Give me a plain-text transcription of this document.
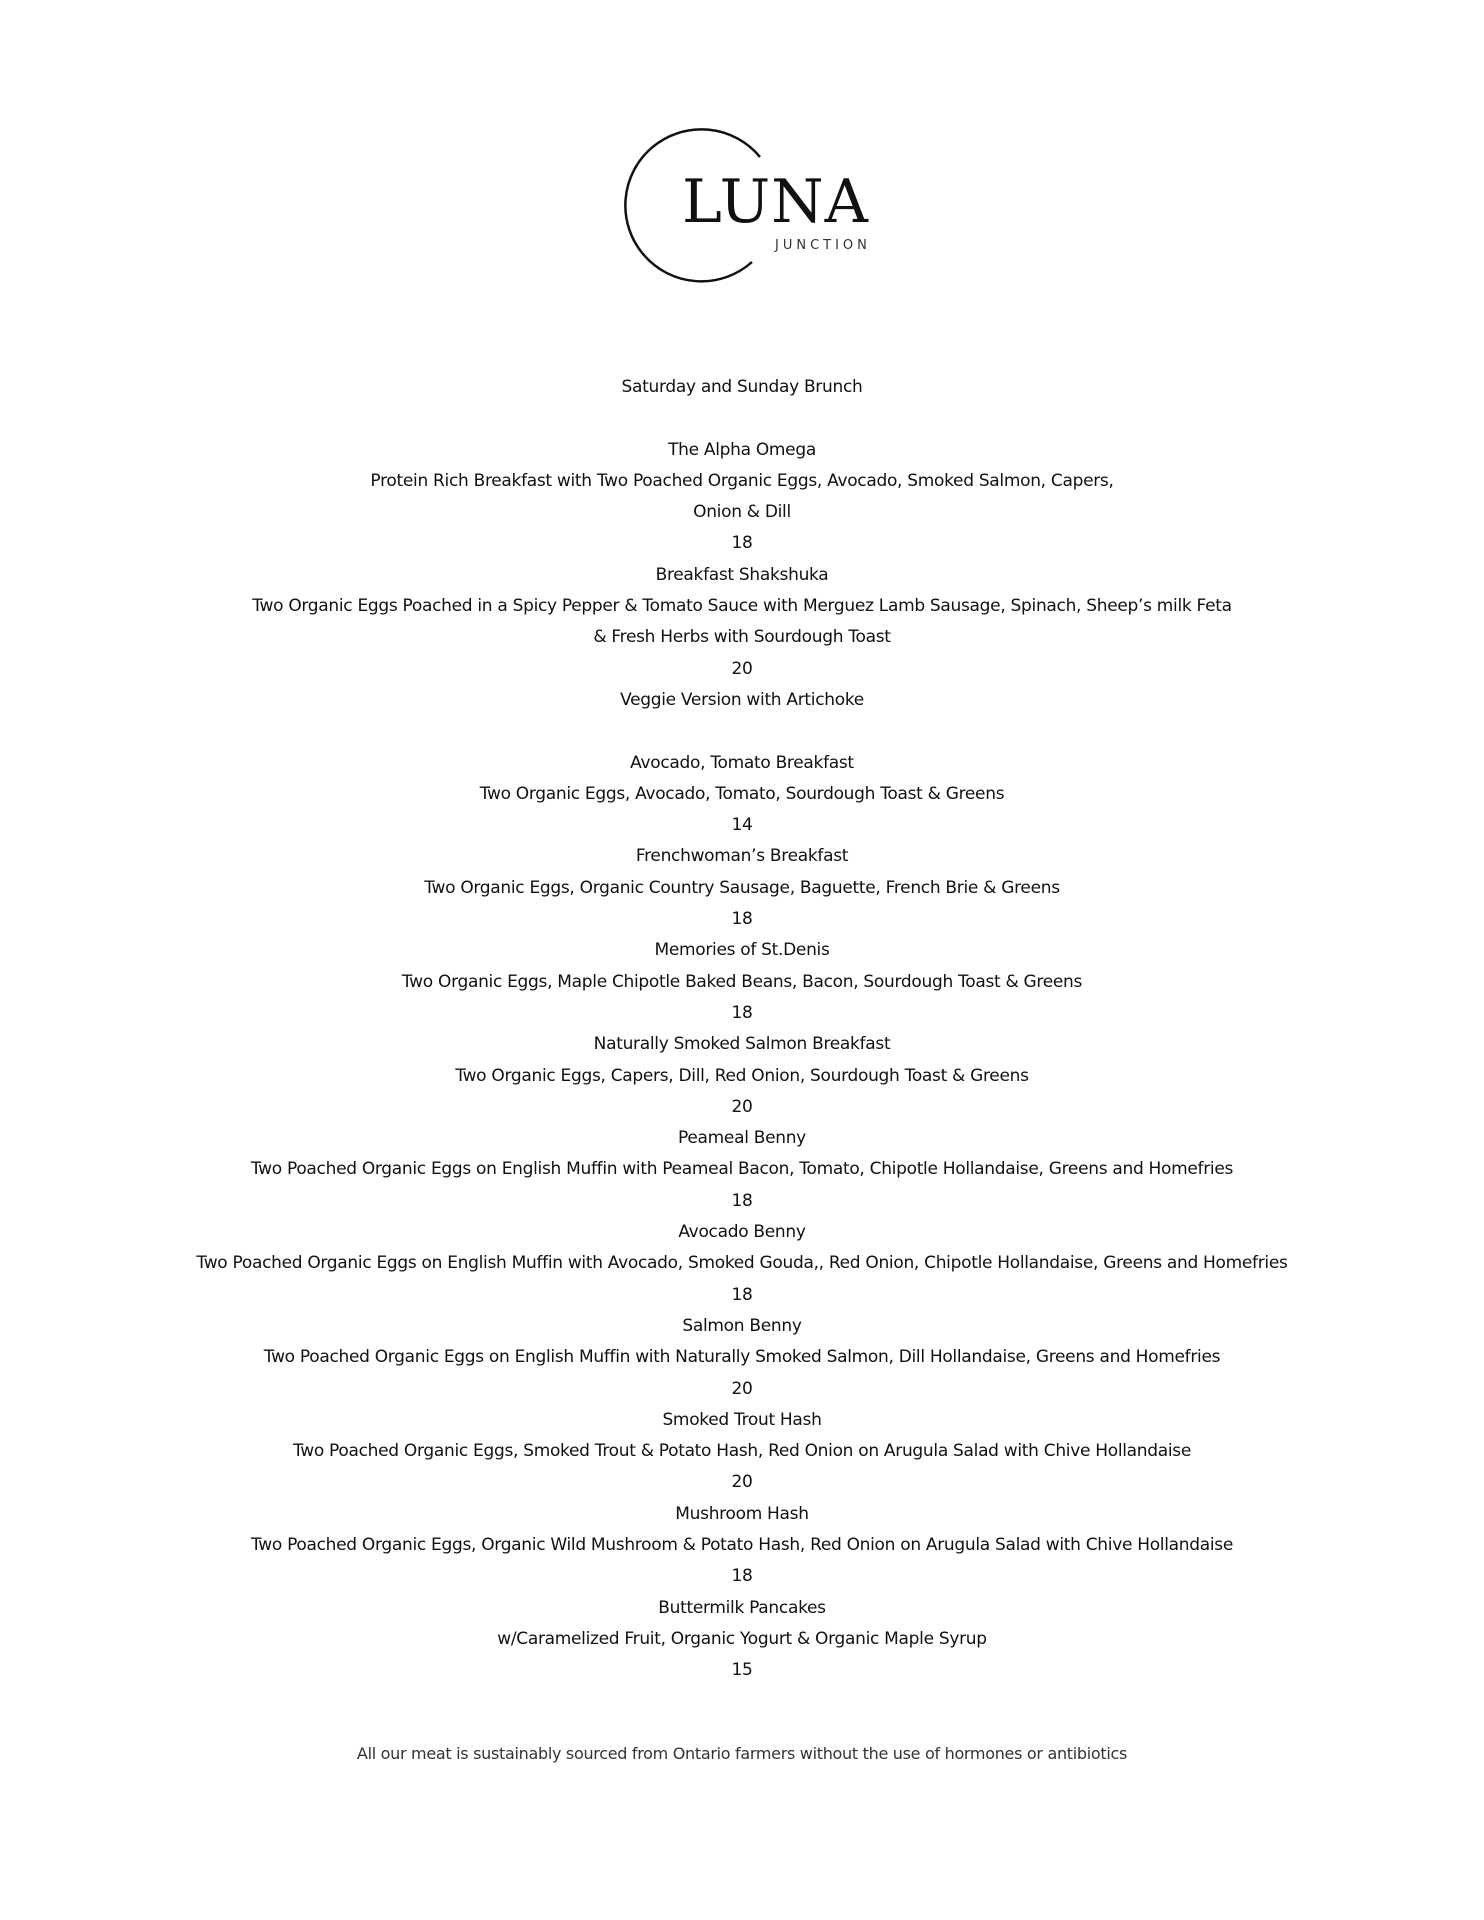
LUNA
JUNCTION
Saturday and Sunday Brunch
The Alpha Omega
Protein Rich Breakfast with Two Poached Organic Eggs, Avocado, Smoked Salmon, Capers,
Onion & Dill
18
Breakfast Shakshuka
Two Organic Eggs Poached in a Spicy Pepper & Tomato Sauce with Merguez Lamb Sausage, Spinach, Sheep’s milk Feta
& Fresh Herbs with Sourdough Toast
20
Veggie Version with Artichoke
Avocado, Tomato Breakfast
Two Organic Eggs, Avocado, Tomato, Sourdough Toast & Greens
14
Frenchwoman’s Breakfast
Two Organic Eggs, Organic Country Sausage, Baguette, French Brie & Greens
18
Memories of St.Denis
Two Organic Eggs, Maple Chipotle Baked Beans, Bacon, Sourdough Toast & Greens
18
Naturally Smoked Salmon Breakfast
Two Organic Eggs, Capers, Dill, Red Onion, Sourdough Toast & Greens
20
Peameal Benny
Two Poached Organic Eggs on English Muffin with Peameal Bacon, Tomato, Chipotle Hollandaise, Greens and Homefries
18
Avocado Benny
Two Poached Organic Eggs on English Muffin with Avocado, Smoked Gouda,, Red Onion, Chipotle Hollandaise, Greens and Homefries
18
Salmon Benny
Two Poached Organic Eggs on English Muffin with Naturally Smoked Salmon, Dill Hollandaise, Greens and Homefries
20
Smoked Trout Hash
Two Poached Organic Eggs, Smoked Trout & Potato Hash, Red Onion on Arugula Salad with Chive Hollandaise
20
Mushroom Hash
Two Poached Organic Eggs, Organic Wild Mushroom & Potato Hash, Red Onion on Arugula Salad with Chive Hollandaise
18
Buttermilk Pancakes
w/Caramelized Fruit, Organic Yogurt & Organic Maple Syrup
15
All our meat is sustainably sourced from Ontario farmers without the use of hormones or antibiotics
